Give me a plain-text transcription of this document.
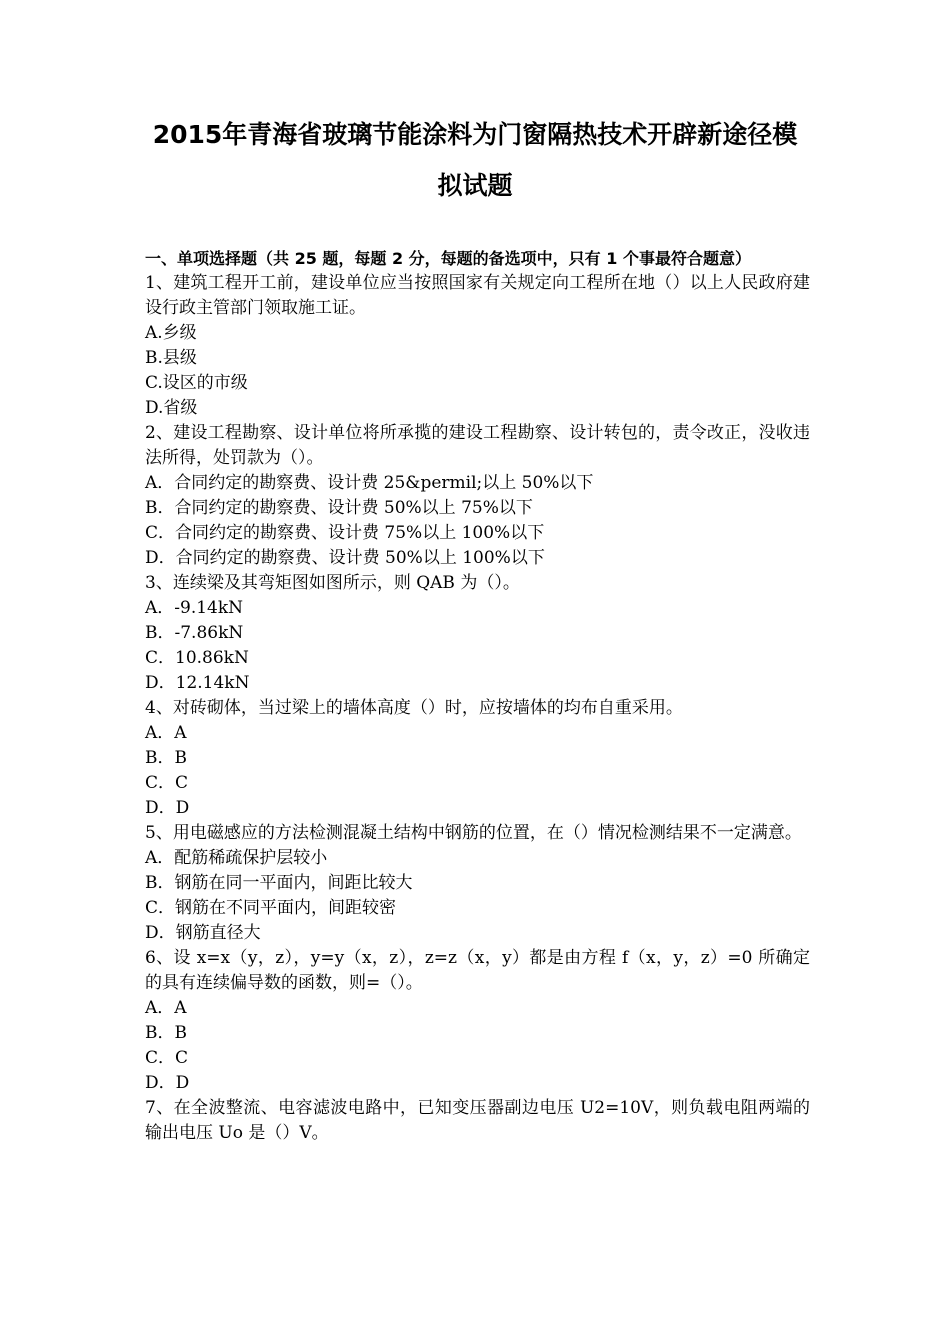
2015年青海省玻璃节能涂料为门窗隔热技术开辟新途径模
拟试题
一、单项选择题（共 25 题，每题 2 分，每题的备选项中，只有 1 个事最符合题意）
1、建筑工程开工前，建设单位应当按照国家有关规定向工程所在地（）以上人民政府建设行政主管部门领取施工证。
A.乡级
B.县级
C.设区的市级
D.省级
2、建设工程勘察、设计单位将所承揽的建设工程勘察、设计转包的，责令改正，没收违法所得，处罚款为（）。
A．合同约定的勘察费、设计费 25&permil;以上 50%以下
B．合同约定的勘察费、设计费 50%以上 75%以下
C．合同约定的勘察费、设计费 75%以上 100%以下
D．合同约定的勘察费、设计费 50%以上 100%以下
3、连续梁及其弯矩图如图所示，则 QAB 为（）。
A．-9.14kN
B．-7.86kN
C．10.86kN
D．12.14kN
4、对砖砌体，当过梁上的墙体高度（）时，应按墙体的均布自重采用。
A．A
B．B
C．C
D．D
5、用电磁感应的方法检测混凝土结构中钢筋的位置，在（）情况检测结果不一定满意。
A．配筋稀疏保护层较小
B．钢筋在同一平面内，间距比较大
C．钢筋在不同平面内，间距较密
D．钢筋直径大
6、设 x=x（y，z），y=y（x，z），z=z（x，y）都是由方程 f（x，y，z）=0 所确定的具有连续偏导数的函数，则=（）。
A．A
B．B
C．C
D．D
7、在全波整流、电容滤波电路中，已知变压器副边电压 U2=10V，则负载电阻两端的输出电压 Uo 是（）V。
